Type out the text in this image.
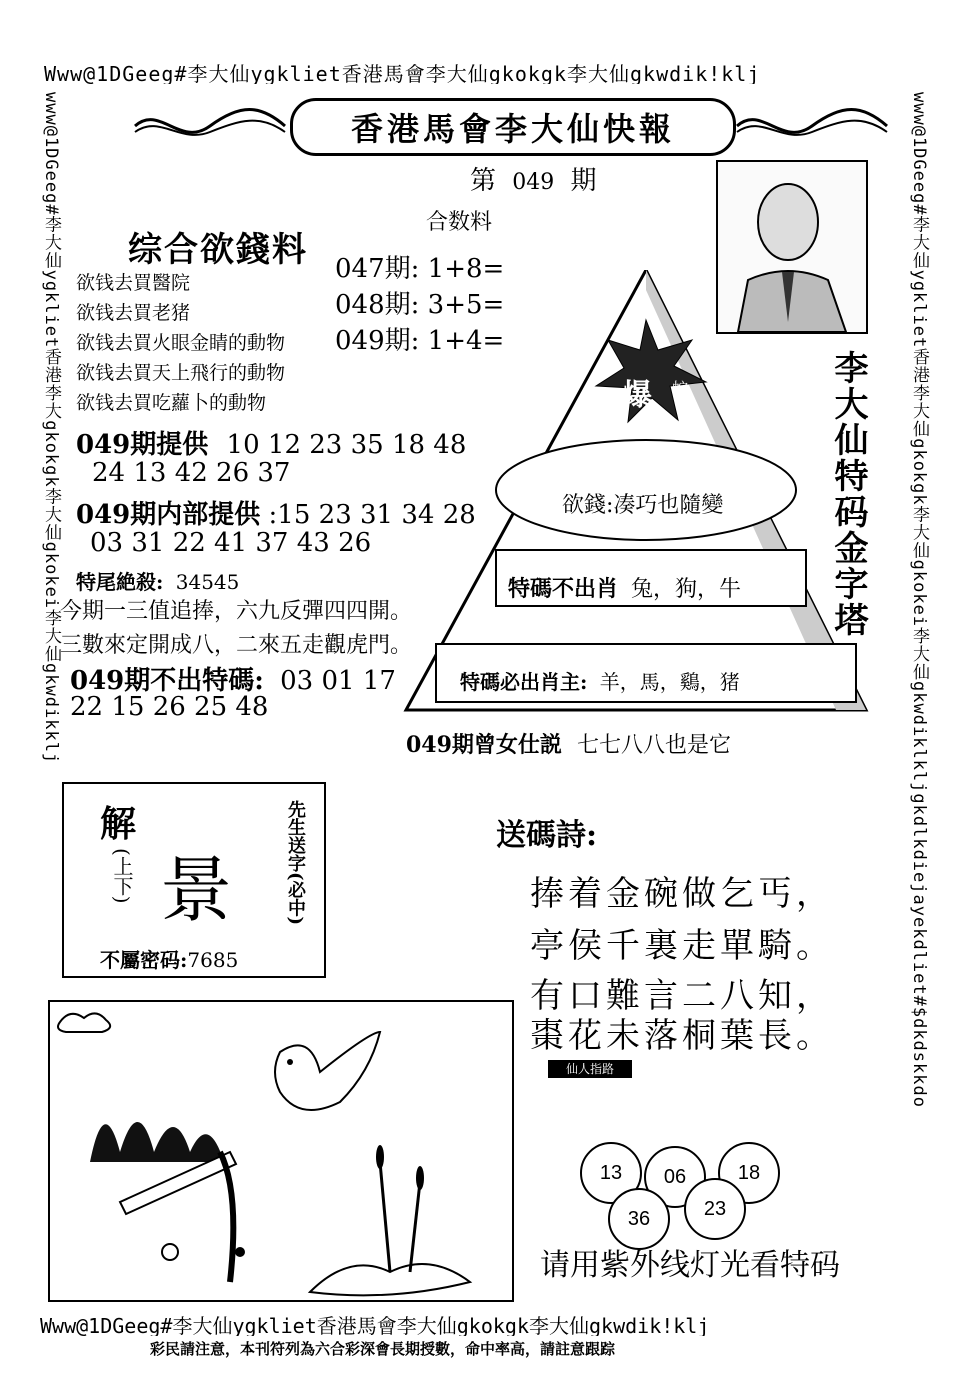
Www@1DGeeg#李大仙ygkliet香港馬會李大仙gkokgk李大仙gkwdik!klj
Www@1DGeeg#李大仙ygkliet香港馬會李大仙gkokgk李大仙gkwdik!klj
彩民請注意，本刊符列為六合彩深會長期授數，命中率高，請註意跟踪
www@1DGeeg#李大仙ygkliet香港李大gkokgk李大仙gkokei李大仙gkwdikklj	www@1DGeeg#李大仙ygkliet香港李大仙gkokgk李大仙gkokei李大仙gkwdiklkljgkdlkdiejayekdliet#$dkdskkdo
香港馬會李大仙快報
第 049 期
合数料
综合欲錢料 047期: 1+8=
048期: 3+5=
049期: 1+4=
欲钱去買醫院
欲钱去買老猪
欲钱去買火眼金睛的動物
欲钱去買天上飛行的動物
欲钱去買吃蘿卜的動物
049期提供 10 12 23 35 18 48
24 13 42 26 37
049期内部提供 :15 23 31 34 28
03 31 22 41 37 43 26
特尾絶殺: 34545
今期一三值追捧，六九反彈四四開。
三數來定開成八，二來五走觀虎門。
049期不出特碼: 03 01 17
22 15 26 25 48
李大仙特码金字塔
爆 蛇
欲錢:凑巧也隨變
特碼不出肖 兔，狗，牛
特碼必出肖主: 羊，馬，鷄，猪
049期曾女仕説 七七八八也是它
解
(上下) 景	先生送字(必中)
不屬密码:7685
送碼詩:
捧着金碗做乞丐，
亭侯千裏走單騎。
有口難言二八知，
棗花未落桐葉長。
仙人指路
13	06	18
36	23
请用紫外线灯光看特码
